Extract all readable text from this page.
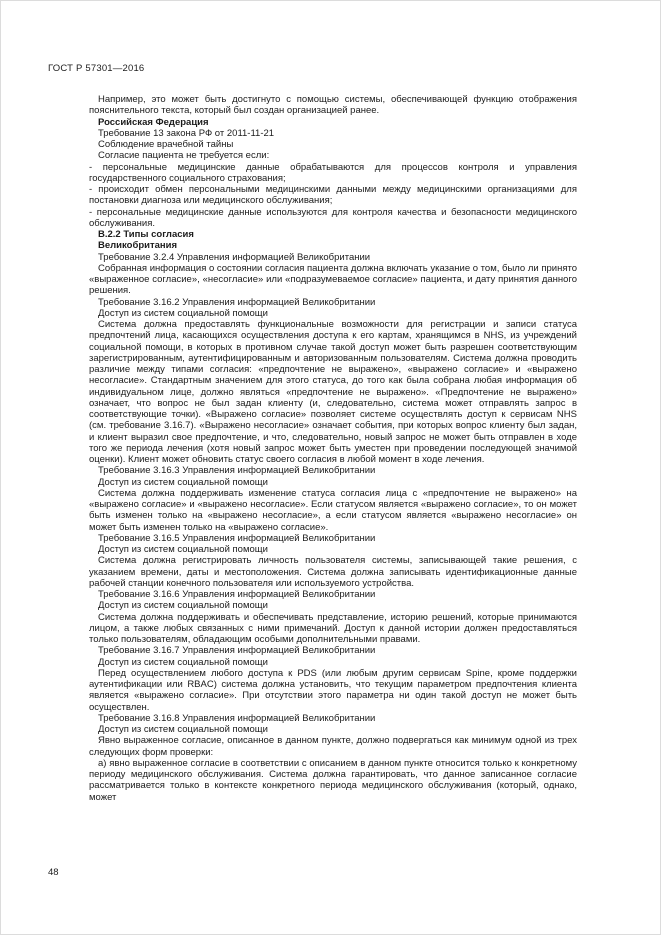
ГОСТ Р 57301—2016

Например, это может быть достигнуто с помощью системы, обеспечивающей функцию отображения пояснительного текста, который был создан организацией ранее.

Российская Федерация

Требование 13 закона РФ от 2011-11-21

Соблюдение врачебной тайны

Согласие пациента не требуется если:

- персональные медицинские данные обрабатываются для процессов контроля и управления государственного социального страхования;

- происходит обмен персональными медицинскими данными между медицинскими организациями для постановки диагноза или медицинского обслуживания;

- персональные медицинские данные используются для контроля качества и безопасности медицинского обслуживания.

В.2.2 Типы согласия

Великобритания

Требование 3.2.4 Управления информацией Великобритании

Собранная информация о состоянии согласия пациента должна включать указание о том, было ли принято «выраженное согласие», «несогласие» или «подразумеваемое согласие» пациента, и дату принятия данного решения.

Требование 3.16.2 Управления информацией Великобритании

Доступ из систем социальной помощи

Система должна предоставлять функциональные возможности для регистрации и записи статуса предпочтений лица, касающихся осуществления доступа к его картам, хранящимся в NHS, из учреждений социальной помощи, в которых в противном случае такой доступ может быть разрешен соответствующим зарегистрированным, аутентифицированным и авторизованным пользователям. Система должна проводить различие между типами согласия: «предпочтение не выражено», «выражено согласие» и «выражено несогласие». Стандартным значением для этого статуса, до того как была собрана любая информация об индивидуальном лице, должно являться «предпочтение не выражено». «Предпочтение не выражено» означает, что вопрос не был задан клиенту (и, следовательно, система может отправлять запрос в соответствующие точки). «Выражено согласие» позволяет системе осуществлять доступ к сервисам NHS (см. требование 3.16.7). «Выражено несогласие» означает события, при которых вопрос клиенту был задан, и клиент выразил свое предпочтение, и что, следовательно, новый запрос не может быть отправлен в ходе того же периода лечения (хотя новый запрос может быть уместен при проведении последующей значимой оценки). Клиент может обновить статус своего согласия в любой момент в ходе лечения.

Требование 3.16.3 Управления информацией Великобритании

Доступ из систем социальной помощи

Система должна поддерживать изменение статуса согласия лица с «предпочтение не выражено» на «выражено согласие» и «выражено несогласие». Если статусом является «выражено согласие», то он может быть изменен только на «выражено несогласие», а если статусом является «выражено несогласие» он может быть изменен только на «выражено согласие».

Требование 3.16.5 Управления информацией Великобритании

Доступ из систем социальной помощи

Система должна регистрировать личность пользователя системы, записывающей такие решения, с указанием времени, даты и местоположения. Система должна записывать идентификационные данные рабочей станции конечного пользователя или используемого устройства.

Требование 3.16.6 Управления информацией Великобритании

Доступ из систем социальной помощи

Система должна поддерживать и обеспечивать представление, историю решений, которые принимаются лицом, а также любых связанных с ними примечаний. Доступ к данной истории должен предоставляться только пользователям, обладающим особыми дополнительными правами.

Требование 3.16.7 Управления информацией Великобритании

Доступ из систем социальной помощи

Перед осуществлением любого доступа к PDS (или любым другим сервисам Spine, кроме поддержки аутентификации или RBAC) система должна установить, что текущим параметром предпочтения клиента является «выражено согласие». При отсутствии этого параметра ни один такой доступ не может быть осуществлен.

Требование 3.16.8 Управления информацией Великобритании

Доступ из систем социальной помощи

Явно выраженное согласие, описанное в данном пункте, должно подвергаться как минимум одной из трех следующих форм проверки:

а) явно выраженное согласие в соответствии с описанием в данном пункте относится только к конкретному периоду медицинского обслуживания. Система должна гарантировать, что данное записанное согласие рассматривается только в контексте конкретного периода медицинского обслуживания (который, однако, может

48
